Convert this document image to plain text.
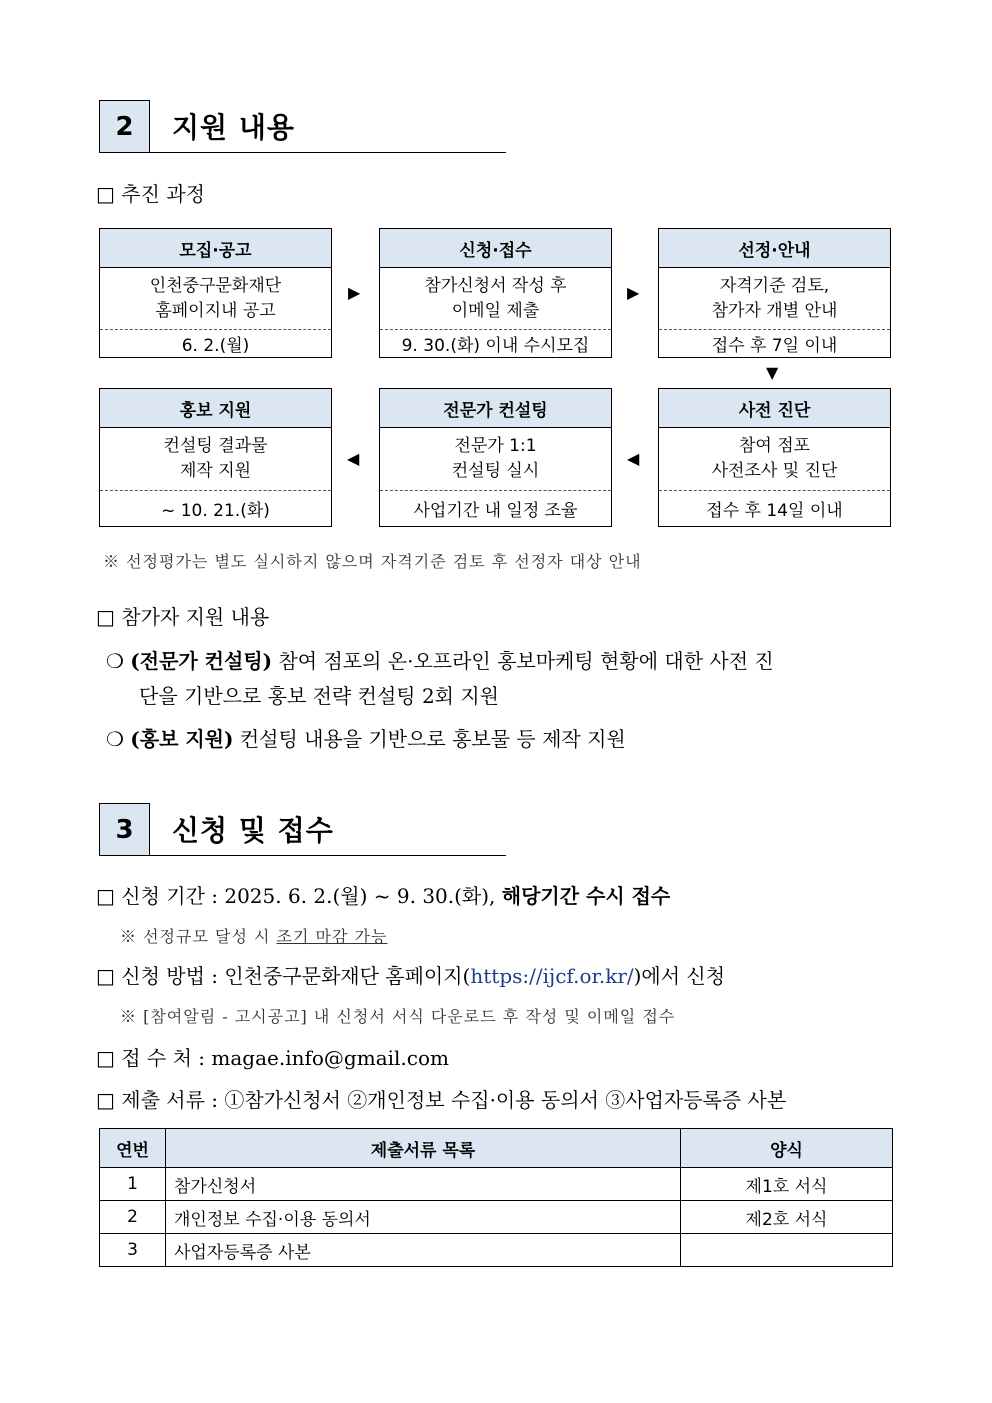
2	지원 내용
□ 추진 과정
모집·공고
인천중구문화재단
홈페이지내 공고
6. 2.(월)
▶
신청·접수
참가신청서 작성 후
이메일 제출
9. 30.(화) 이내 수시모집
▶
선정·안내
자격기준 검토,
참가자 개별 안내
접수 후 7일 이내
▼
홍보 지원
컨설팅 결과물
제작 지원
~ 10. 21.(화)
◀
전문가 컨설팅
전문가 1:1
컨설팅 실시
사업기간 내 일정 조율
◀
사전 진단
참여 점포
사전조사 및 진단
접수 후 14일 이내
※ 선정평가는 별도 실시하지 않으며 자격기준 검토 후 선정자 대상 안내
□ 참가자 지원 내용
❍ (전문가 컨설팅) 참여 점포의 온·오프라인 홍보마케팅 현황에 대한 사전 진
단을 기반으로 홍보 전략 컨설팅 2회 지원
❍ (홍보 지원) 컨설팅 내용을 기반으로 홍보물 등 제작 지원
3	신청 및 접수
□ 신청 기간 : 2025. 6. 2.(월) ~ 9. 30.(화), 해당기간 수시 접수
※ 선정규모 달성 시 조기 마감 가능
□ 신청 방법 : 인천중구문화재단 홈페이지(https://ijcf.or.kr/)에서 신청
※ [참여알림 - 고시공고] 내 신청서 서식 다운로드 후 작성 및 이메일 접수
□ 접 수 처 : magae.info@gmail.com
□ 제출 서류 : ①참가신청서 ②개인정보 수집·이용 동의서 ③사업자등록증 사본
연번	제출서류 목록	양식
1	참가신청서	제1호 서식
2	개인정보 수집·이용 동의서	제2호 서식
3	사업자등록증 사본	
